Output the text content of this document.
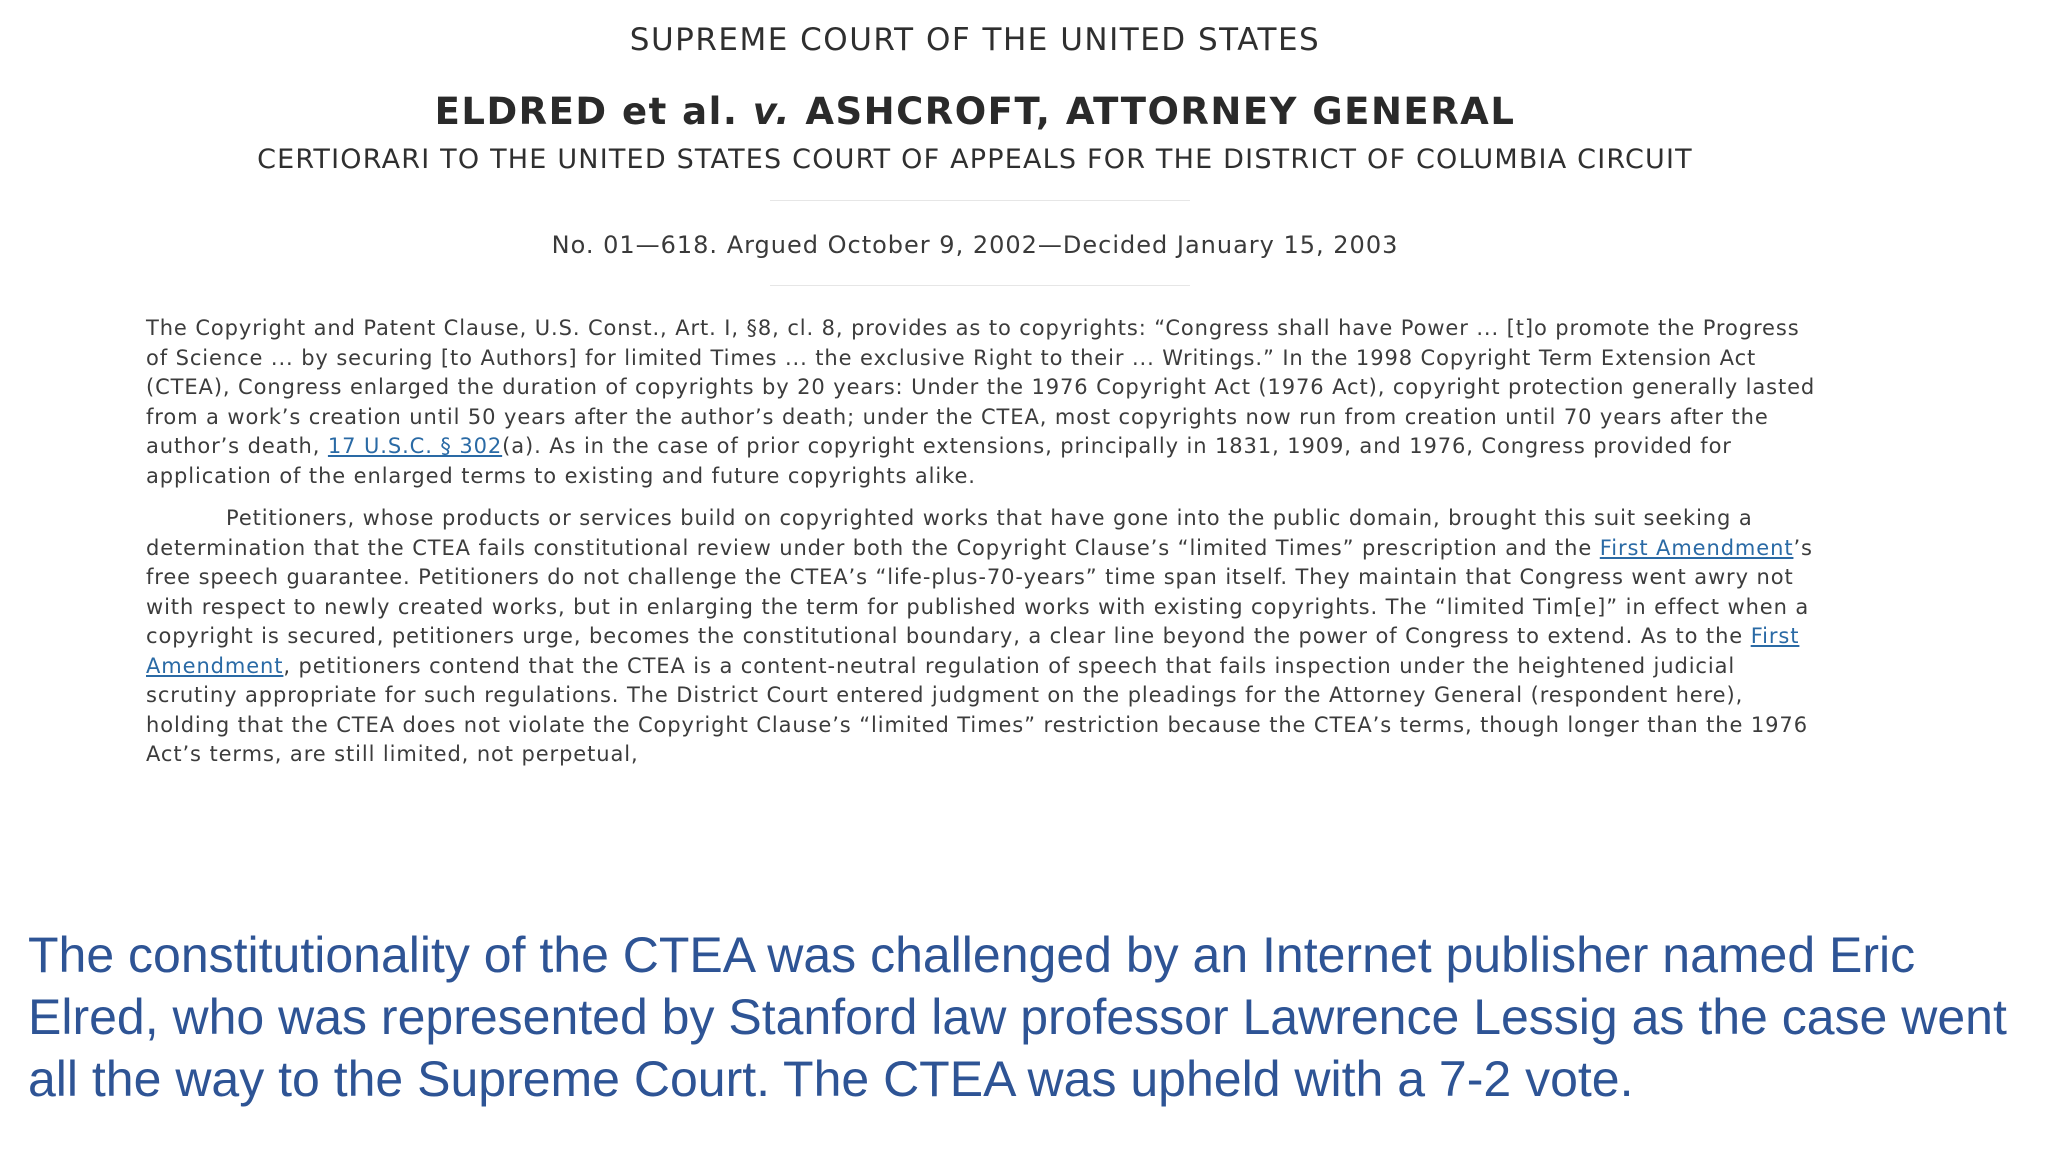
SUPREME COURT OF THE UNITED STATES
ELDRED et al. v. ASHCROFT, ATTORNEY GENERAL
CERTIORARI TO THE UNITED STATES COURT OF APPEALS FOR THE DISTRICT OF COLUMBIA CIRCUIT
No. 01—618. Argued October 9, 2002—Decided January 15, 2003

The Copyright and Patent Clause, U.S. Const., Art. I, §8, cl. 8, provides as to copyrights: “Congress shall have Power ... [t]o promote the Progress of Science ... by securing [to Authors] for limited Times ... the exclusive Right to their ... Writings.” In the 1998 Copyright Term Extension Act (CTEA), Congress enlarged the duration of copyrights by 20 years: Under the 1976 Copyright Act (1976 Act), copyright protection generally lasted from a work’s creation until 50 years after the author’s death; under the CTEA, most copyrights now run from creation until 70 years after the author’s death, 17 U.S.C. § 302(a). As in the case of prior copyright extensions, principally in 1831, 1909, and 1976, Congress provided for application of the enlarged terms to existing and future copyrights alike.

Petitioners, whose products or services build on copyrighted works that have gone into the public domain, brought this suit seeking a determination that the CTEA fails constitutional review under both the Copyright Clause’s “limited Times” prescription and the First Amendment’s free speech guarantee. Petitioners do not challenge the CTEA’s “life-plus-70-years” time span itself. They maintain that Congress went awry not with respect to newly created works, but in enlarging the term for published works with existing copyrights. The “limited Tim[e]” in effect when a copyright is secured, petitioners urge, becomes the constitutional boundary, a clear line beyond the power of Congress to extend. As to the First Amendment, petitioners contend that the CTEA is a content-neutral regulation of speech that fails inspection under the heightened judicial scrutiny appropriate for such regulations. The District Court entered judgment on the pleadings for the Attorney General (respondent here), holding that the CTEA does not violate the Copyright Clause’s “limited Times” restriction because the CTEA’s terms, though longer than the 1976 Act’s terms, are still limited, not perpetual,

The constitutionality of the CTEA was challenged by an Internet publisher named Eric Elred, who was represented by Stanford law professor Lawrence Lessig as the case went all the way to the Supreme Court. The CTEA was upheld with a 7-2 vote.
